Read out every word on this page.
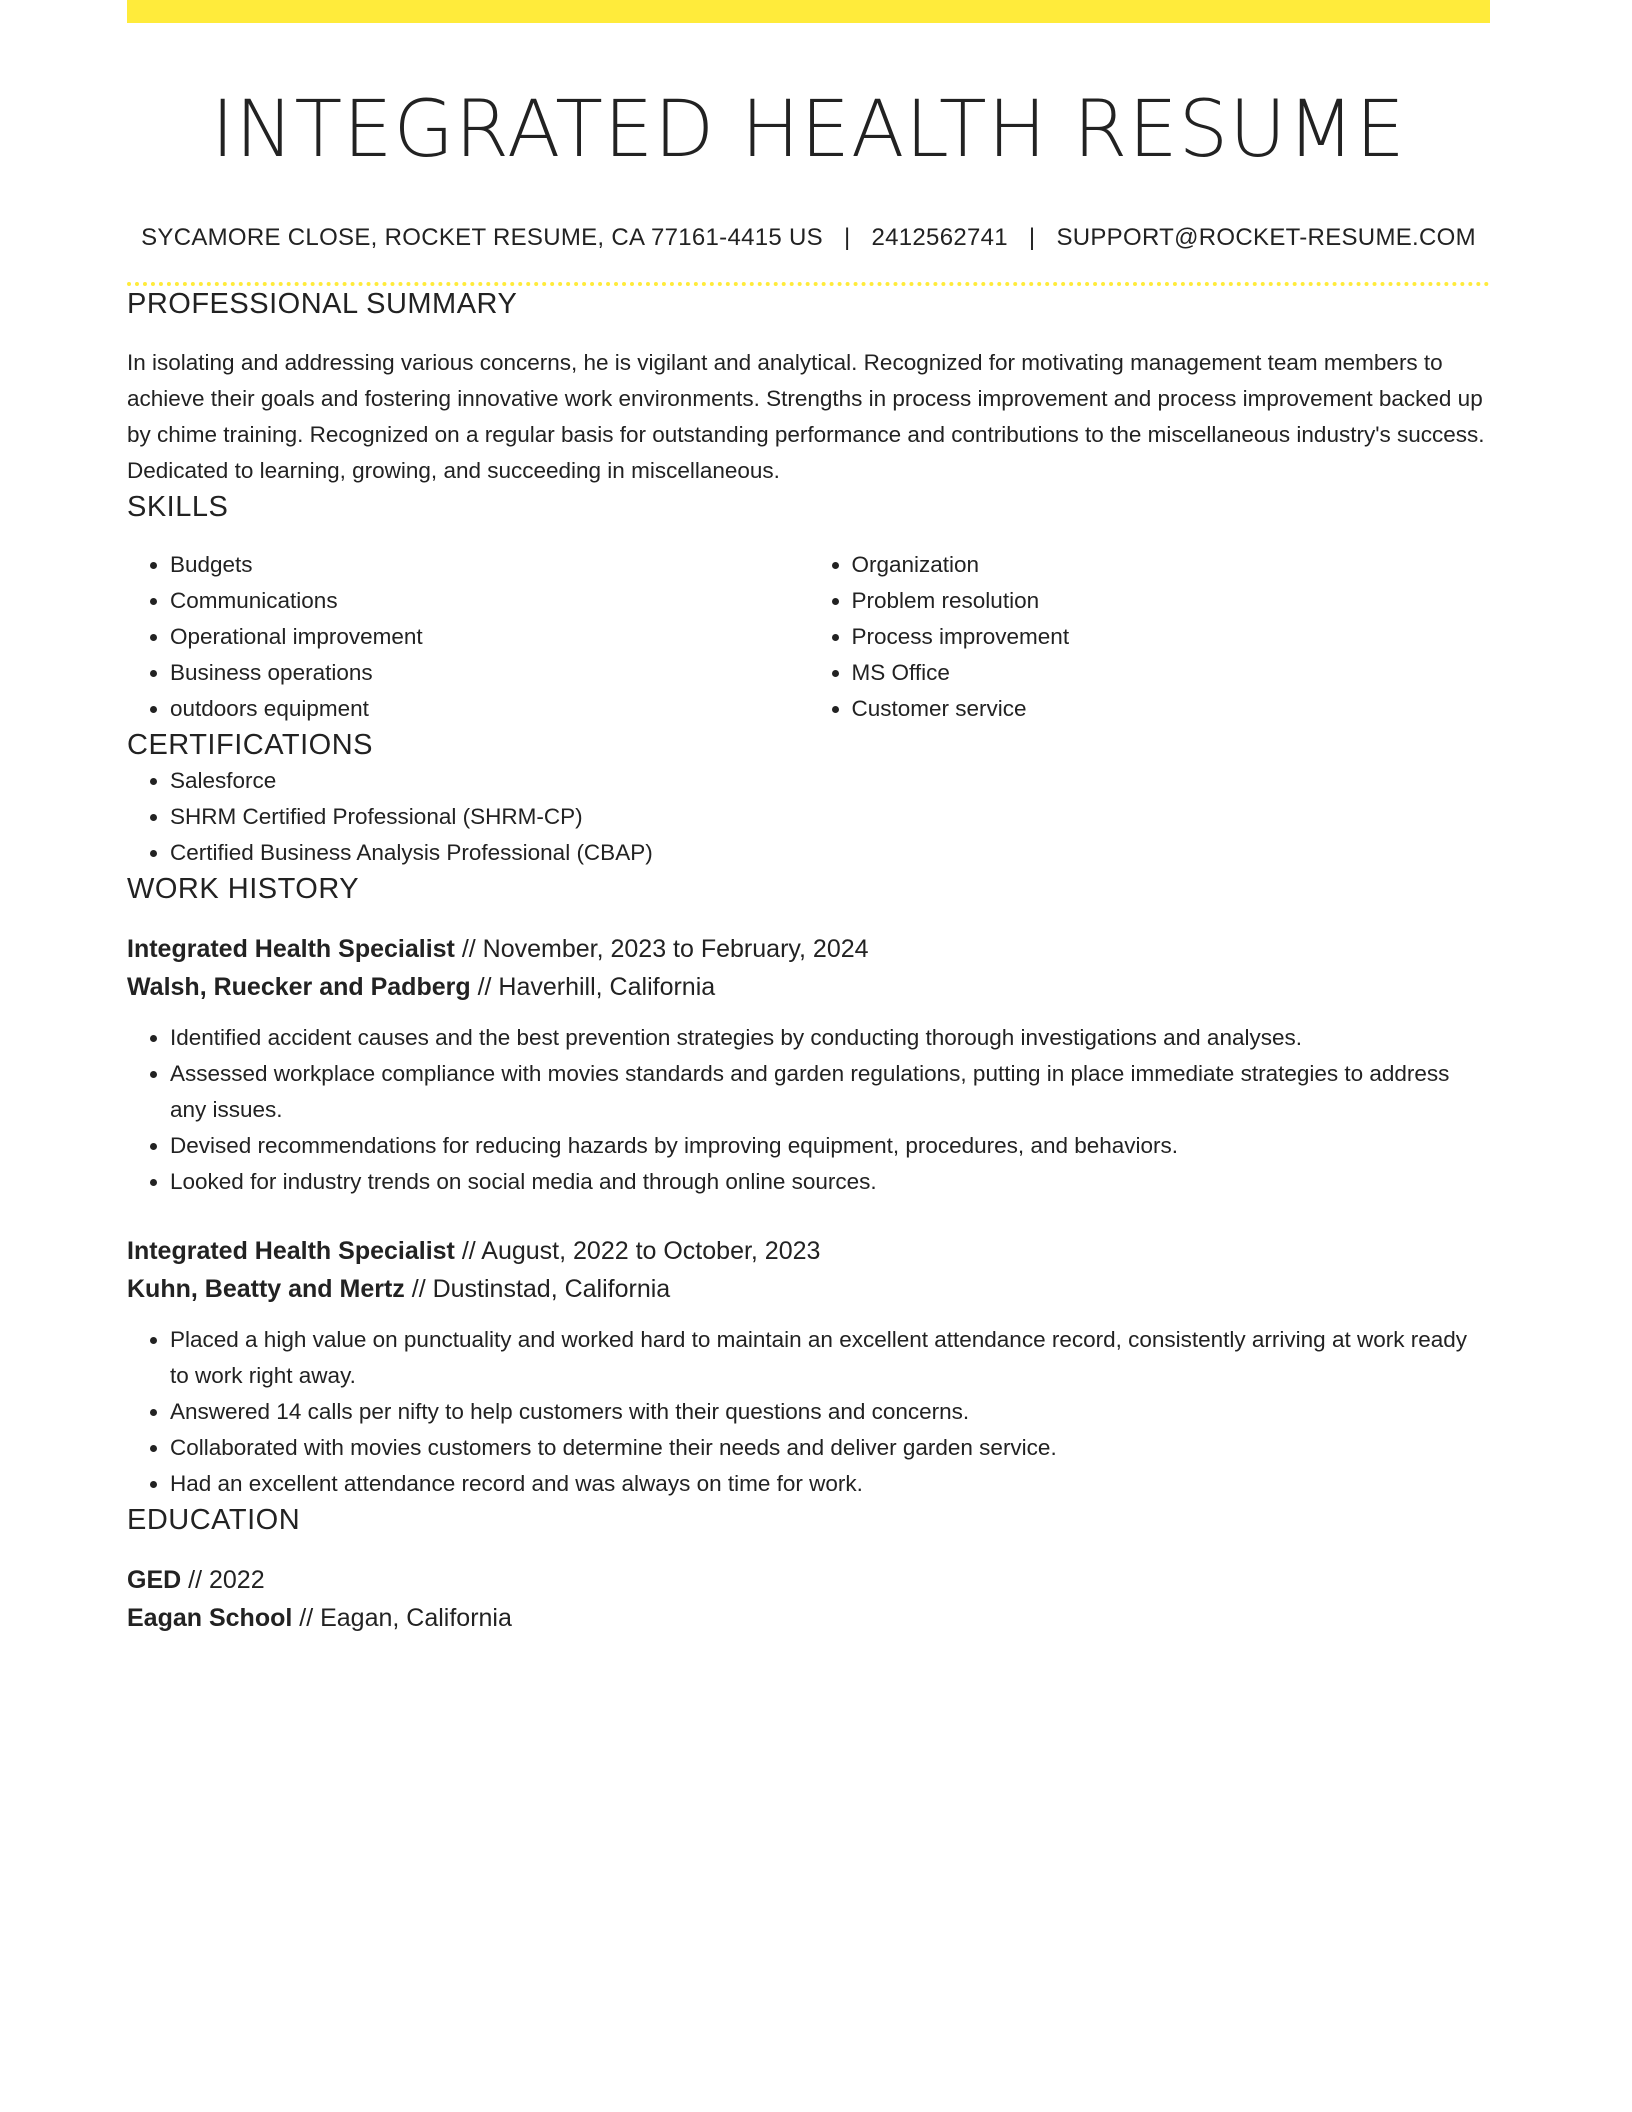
INTEGRATED HEALTH RESUME
SYCAMORE CLOSE, ROCKET RESUME, CA 77161-4415 US | 2412562741 | SUPPORT@ROCKET-RESUME.COM
PROFESSIONAL SUMMARY

In isolating and addressing various concerns, he is vigilant and analytical. Recognized for motivating management team members to achieve their goals and fostering innovative work environments. Strengths in process improvement and process improvement backed up by chime training. Recognized on a regular basis for outstanding performance and contributions to the miscellaneous industry's success. Dedicated to learning, growing, and succeeding in miscellaneous.

SKILLS
• Budgets
• Communications
• Operational improvement
• Business operations
• outdoors equipment
• Organization
• Problem resolution
• Process improvement
• MS Office
• Customer service
CERTIFICATIONS
• Salesforce
• SHRM Certified Professional (SHRM-CP)
• Certified Business Analysis Professional (CBAP)
WORK HISTORY
Integrated Health Specialist // November, 2023 to February, 2024
Walsh, Ruecker and Padberg // Haverhill, California
• Identified accident causes and the best prevention strategies by conducting thorough investigations and analyses.
• Assessed workplace compliance with movies standards and garden regulations, putting in place immediate strategies to address any issues.
• Devised recommendations for reducing hazards by improving equipment, procedures, and behaviors.
• Looked for industry trends on social media and through online sources.
Integrated Health Specialist // August, 2022 to October, 2023
Kuhn, Beatty and Mertz // Dustinstad, California
• Placed a high value on punctuality and worked hard to maintain an excellent attendance record, consistently arriving at work ready to work right away.
• Answered 14 calls per nifty to help customers with their questions and concerns.
• Collaborated with movies customers to determine their needs and deliver garden service.
• Had an excellent attendance record and was always on time for work.
EDUCATION
GED // 2022
Eagan School // Eagan, California
